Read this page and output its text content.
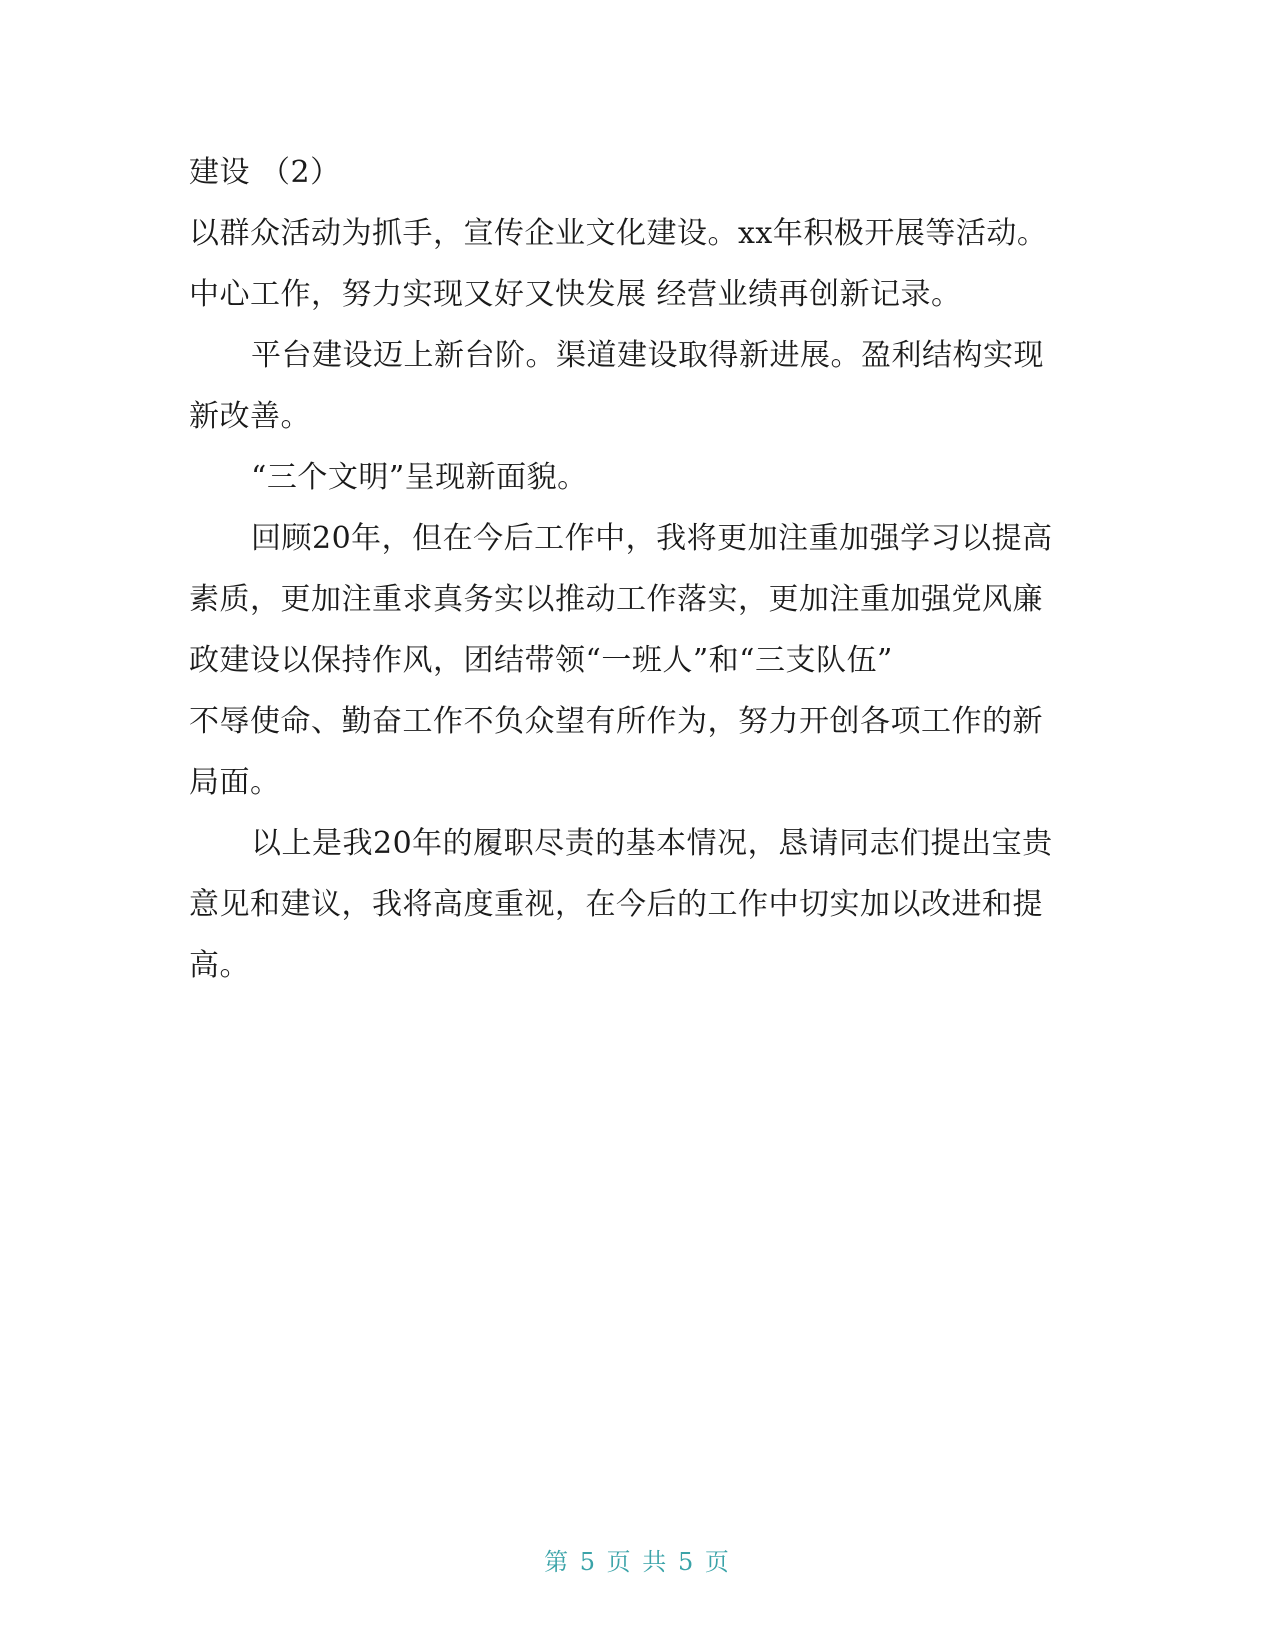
建设 （2）
以群众活动为抓手，宣传企业文化建设。xx年积极开展等活动。
中心工作，努力实现又好又快发展 经营业绩再创新记录。
平台建设迈上新台阶。渠道建设取得新进展。盈利结构实现
新改善。
“三个文明”呈现新面貌。
回顾20年，但在今后工作中，我将更加注重加强学习以提高
素质，更加注重求真务实以推动工作落实，更加注重加强党风廉
政建设以保持作风，团结带领“一班人”和“三支队伍”
不辱使命、勤奋工作不负众望有所作为，努力开创各项工作的新
局面。
以上是我20年的履职尽责的基本情况，恳请同志们提出宝贵
意见和建议，我将高度重视，在今后的工作中切实加以改进和提
高。
第 5 页 共 5 页
